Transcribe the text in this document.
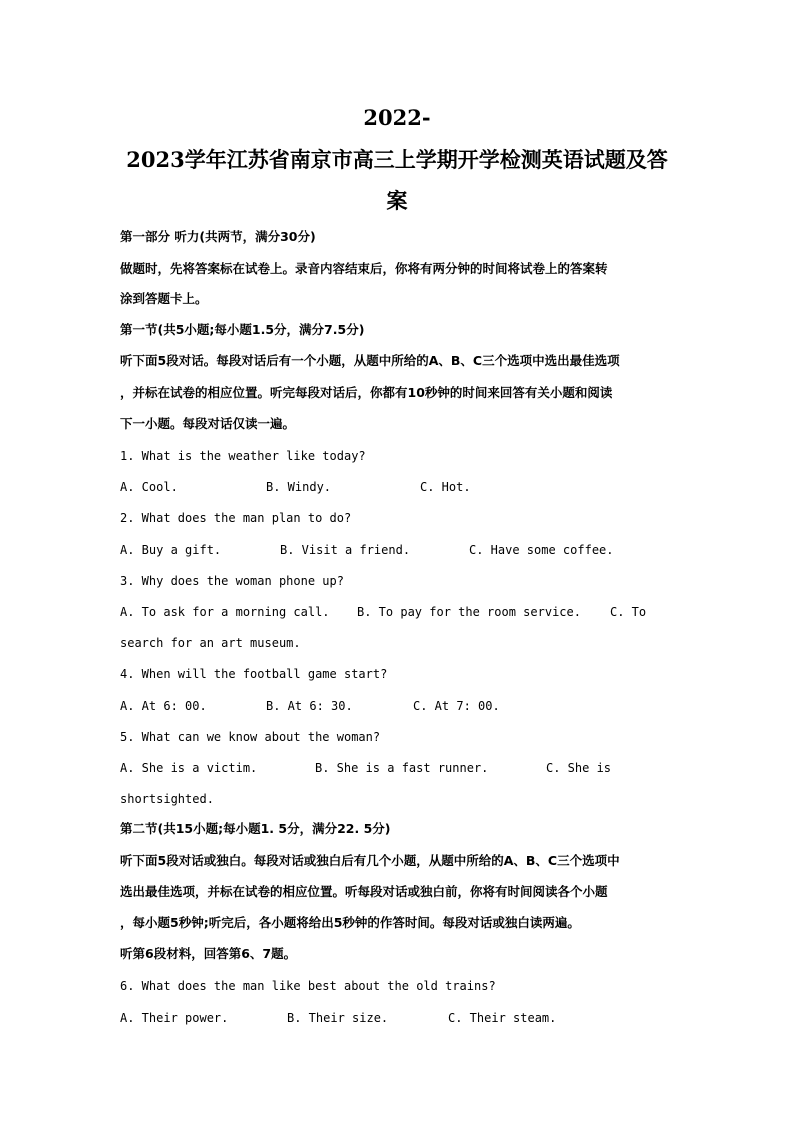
2022-
2023学年江苏省南京市高三上学期开学检测英语试题及答
案
第一部分 听力(共两节，满分30分)
做题时，先将答案标在试卷上。录音内容结束后，你将有两分钟的时间将试卷上的答案转
涂到答题卡上。
第一节(共5小题;每小题1.5分，满分7.5分)
听下面5段对话。每段对话后有一个小题，从题中所给的A、B、C三个选项中选出最佳选项
，并标在试卷的相应位置。听完每段对话后，你都有10秒钟的时间来回答有关小题和阅读
下一小题。每段对话仅读一遍。
1. What is the weather like today?
A. Cool.	B. Windy.	C. Hot.
2. What does the man plan to do?
A. Buy a gift.	B. Visit a friend.	C. Have some coffee.
3. Why does the woman phone up?
A. To ask for a morning call. B. To pay for the room service. C. To
search for an art museum.
4. When will the football game start?
A. At 6: 00.	B. At 6: 30.	C. At 7: 00.
5. What can we know about the woman?
A. She is a victim.	B. She is a fast runner.	C. She is
shortsighted.
第二节(共15小题;每小题1. 5分，满分22. 5分)
听下面5段对话或独白。每段对话或独白后有几个小题，从题中所给的A、B、C三个选项中
选出最佳选项，并标在试卷的相应位置。听每段对话或独白前，你将有时间阅读各个小题
，每小题5秒钟;听完后，各小题将给出5秒钟的作答时间。每段对话或独白读两遍。
听第6段材料，回答第6、7题。
6. What does the man like best about the old trains?
A. Their power.	B. Their size.	C. Their steam.
